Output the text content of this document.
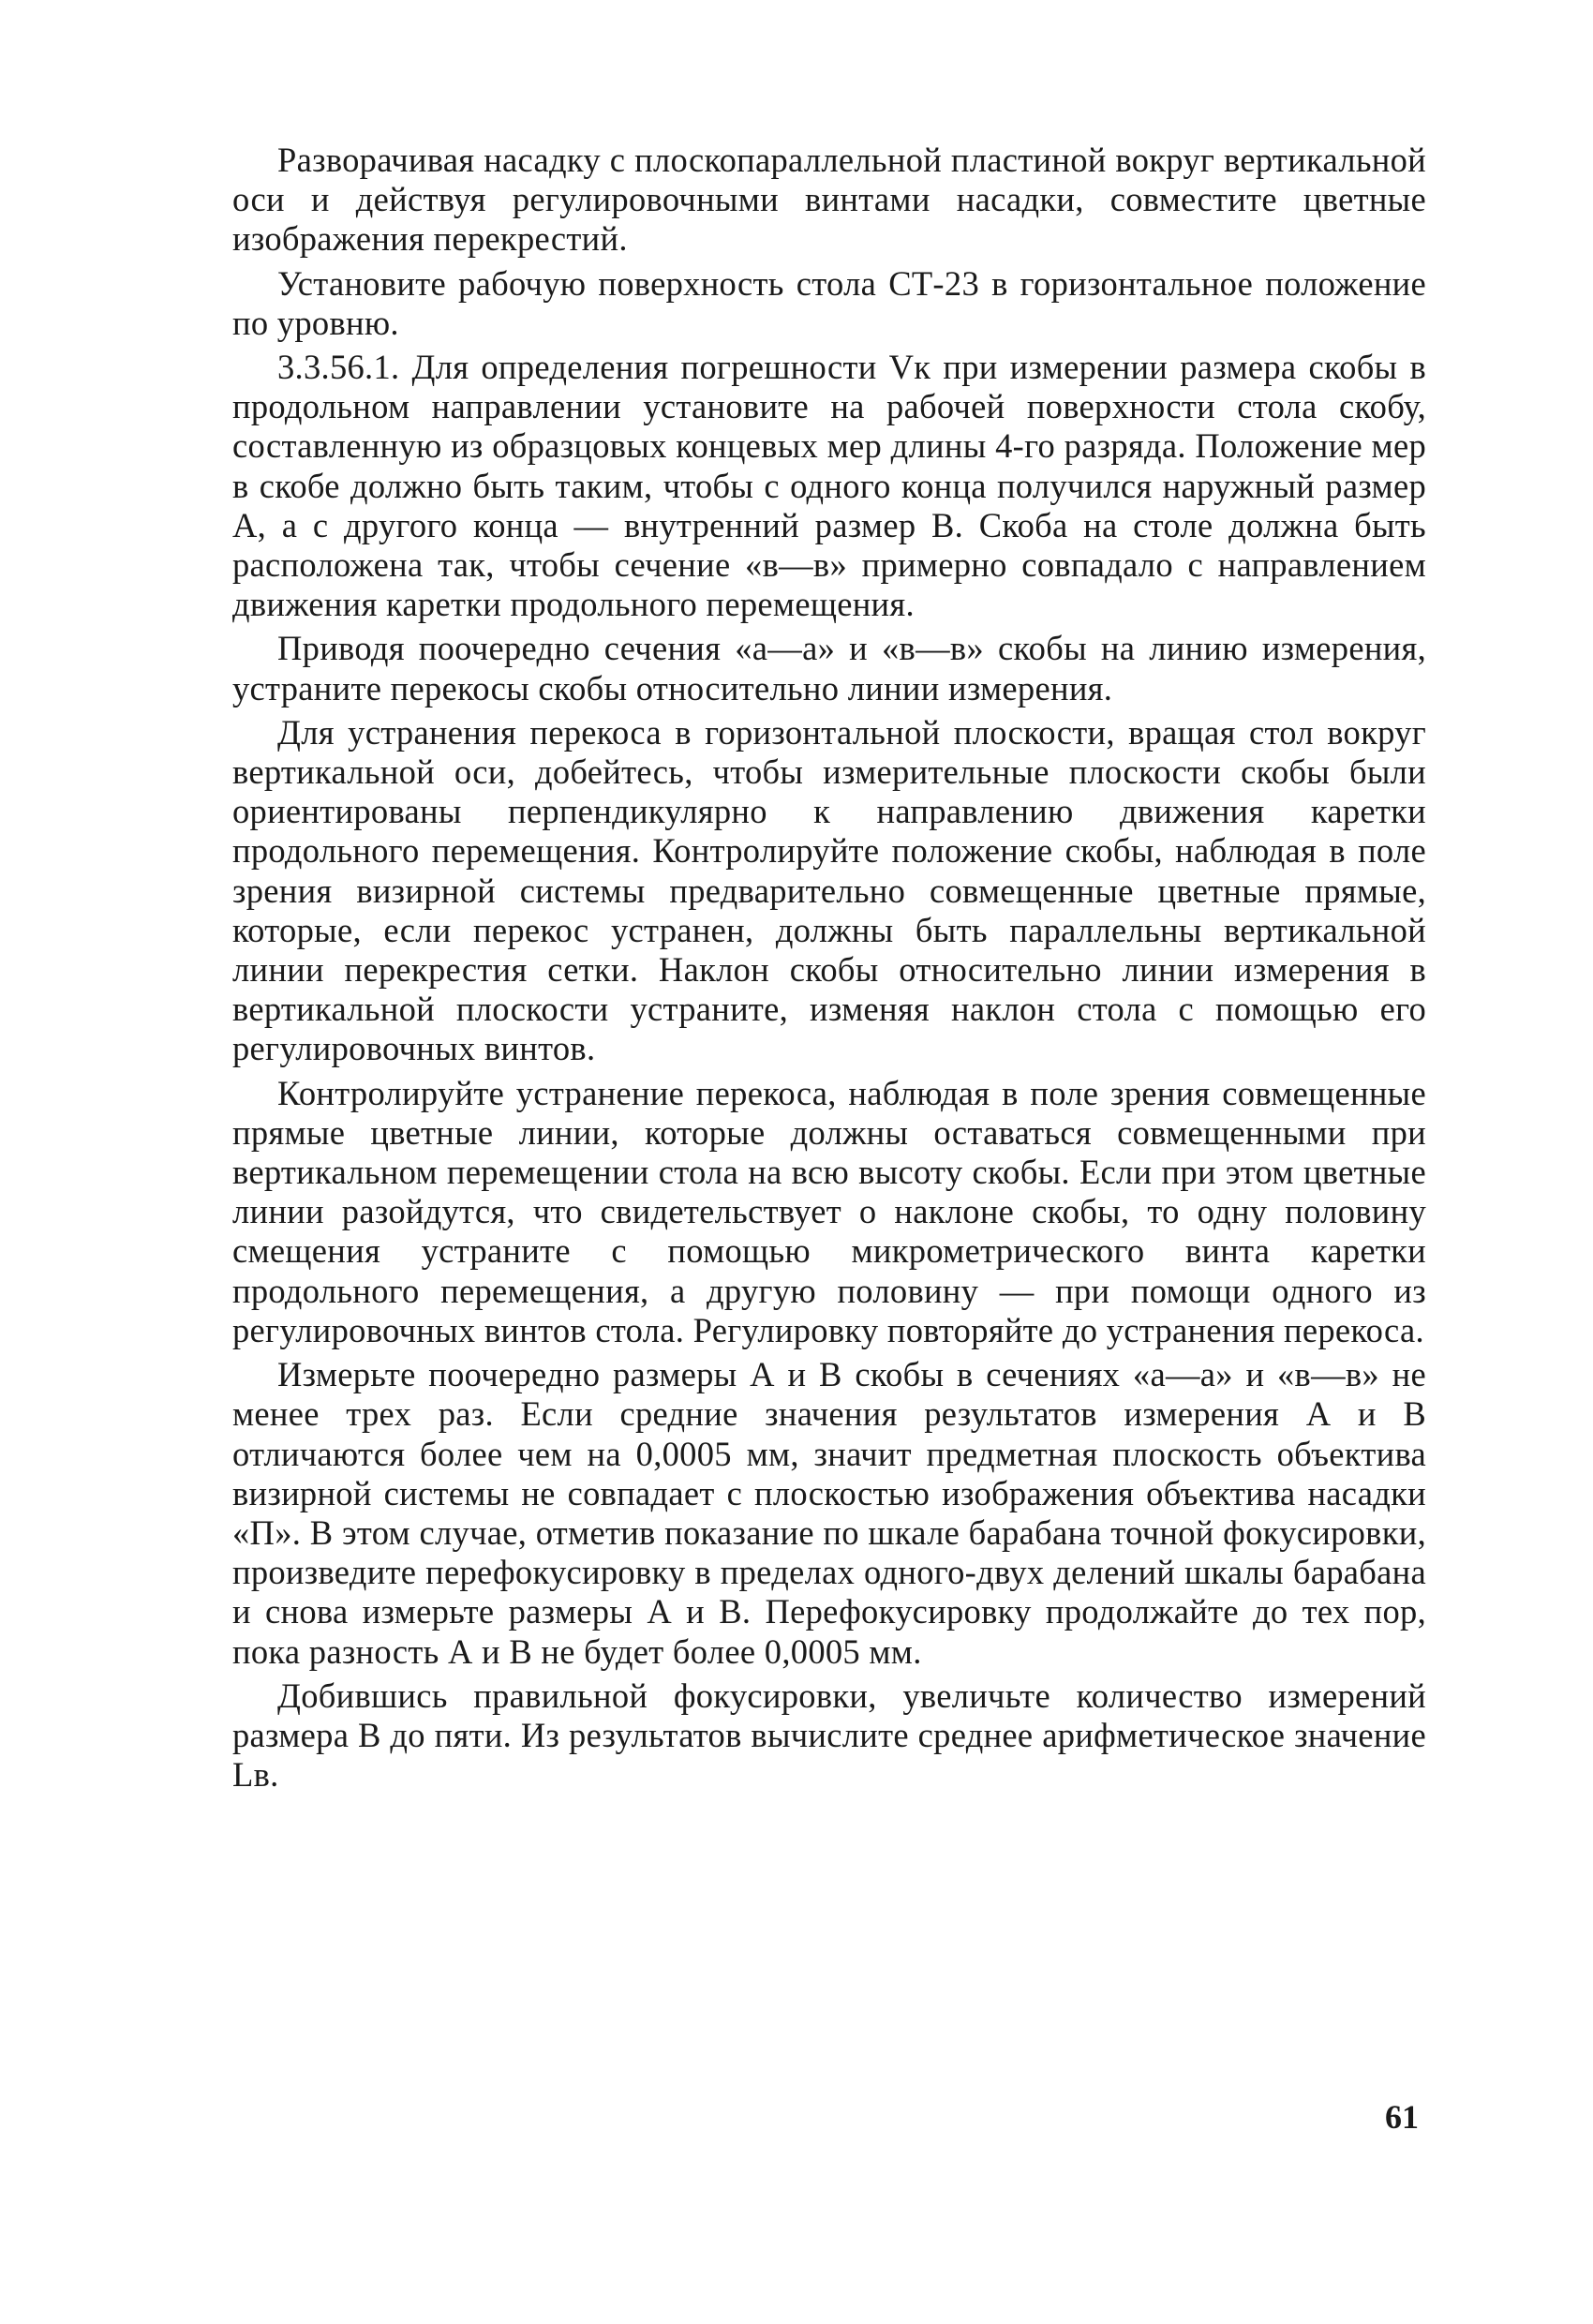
Разворачивая насадку с плоскопараллельной пластиной вокруг вертикальной оси и действуя регулировочными винтами насадки, совместите цветные изображения перекрестий.

Установите рабочую поверхность стола СТ-23 в горизонтальное положение по уровню.

3.3.56.1. Для определения погрешности Vк при измерении размера скобы в продольном направлении установите на рабочей поверхности стола скобу, составленную из образцовых концевых мер длины 4-го разряда. Положение мер в скобе должно быть таким, чтобы с одного конца получился наружный размер А, а с другого конца — внутренний размер В. Скоба на столе должна быть расположена так, чтобы сечение «в—в» примерно совпадало с направлением движения каретки продольного перемещения.

Приводя поочередно сечения «а—а» и «в—в» скобы на линию измерения, устраните перекосы скобы относительно линии измерения.

Для устранения перекоса в горизонтальной плоскости, вращая стол вокруг вертикальной оси, добейтесь, чтобы измерительные плоскости скобы были ориентированы перпендикулярно к направлению движения каретки продольного перемещения. Контролируйте положение скобы, наблюдая в поле зрения визирной системы предварительно совмещенные цветные прямые, которые, если перекос устранен, должны быть параллельны вертикальной линии перекрестия сетки. Наклон скобы относительно линии измерения в вертикальной плоскости устраните, изменяя наклон стола с помощью его регулировочных винтов.

Контролируйте устранение перекоса, наблюдая в поле зрения совмещенные прямые цветные линии, которые должны оставаться совмещенными при вертикальном перемещении стола на всю высоту скобы. Если при этом цветные линии разойдутся, что свидетельствует о наклоне скобы, то одну половину смещения устраните с помощью микрометрического винта каретки продольного перемещения, а другую половину — при помощи одного из регулировочных винтов стола. Регулировку повторяйте до устранения перекоса.

Измерьте поочередно размеры А и В скобы в сечениях «а—а» и «в—в» не менее трех раз. Если средние значения результатов измерения А и В отличаются более чем на 0,0005 мм, значит предметная плоскость объектива визирной системы не совпадает с плоскостью изображения объектива насадки «П». В этом случае, отметив показание по шкале барабана точной фокусировки, произведите перефокусировку в пределах одного-двух делений шкалы барабана и снова измерьте размеры А и В. Перефокусировку продолжайте до тех пор, пока разность А и В не будет более 0,0005 мм.

Добившись правильной фокусировки, увеличьте количество измерений размера В до пяти. Из результатов вычислите среднее арифметическое значение Lв.

61
